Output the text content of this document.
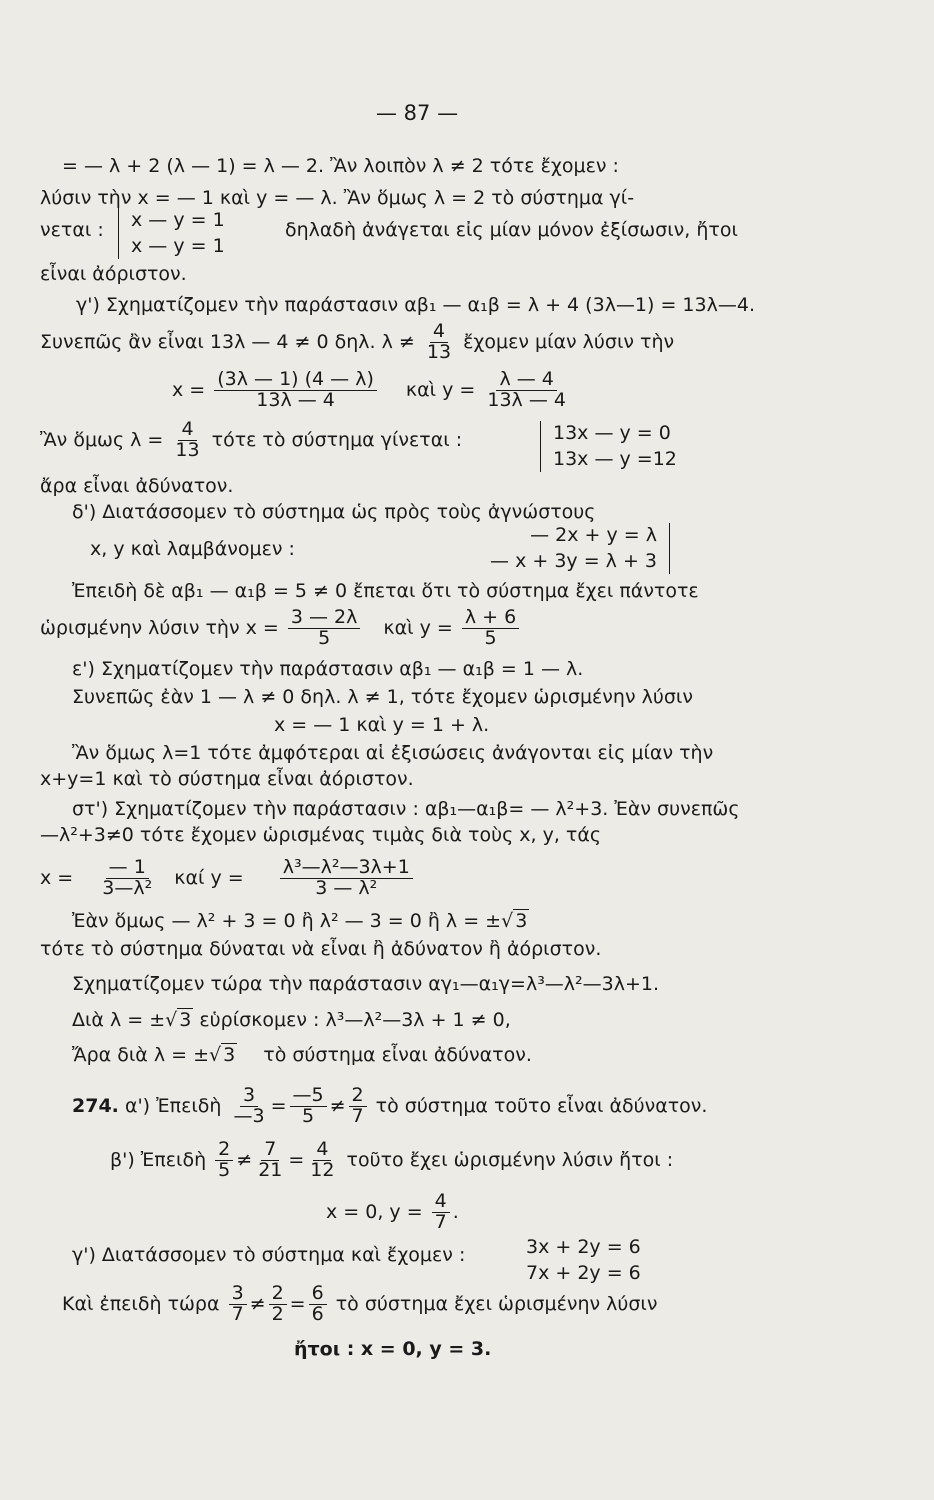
— 87 —
= — λ + 2 (λ — 1) = λ — 2. Ἂν λοιπὸν λ ≠ 2 τότε ἔχομεν :
λύσιν τὴν x = — 1 καὶ y = — λ. Ἂν ὅμως λ = 2 τὸ σύστημα γί-
νεται : x — y = 1
x — y = 1
δηλαδὴ ἀνάγεται εἰς μίαν μόνον ἐξίσωσιν, ἤτοι
εἶναι ἀόριστον.
γ') Σχηματίζομεν τὴν παράστασιν αβ₁ — α₁β = λ + 4 (3λ—1) = 13λ—4.
Συνεπῶς ἂν εἶναι 13λ — 4 ≠ 0 δηλ. $\lambda \ne \frac{4}{13}$ ἔχομεν μίαν λύσιν τὴν
$x = \frac{(3\lambda — 1) (4 — \lambda)}{13\lambda — 4}$ καὶ $y = \frac{\lambda — 4}{13\lambda — 4}$
Ἂν ὅμως $\lambda = \frac{4}{13}$ τότε τὸ σύστημα γίνεται :	13x — y = 0
13x — y =12
ἄρα εἶναι ἀδύνατον.
δ') Διατάσσομεν τὸ σύστημα ὡς πρὸς τοὺς ἀγνώστους
x, y καὶ λαμβάνομεν :
— 2x + y = λ
— x + 3y = λ + 3
Ἐπειδὴ δὲ αβ₁ — α₁β = 5 ≠ 0 ἔπεται ὅτι τὸ σύστημα ἔχει πάντοτε
ὡρισμένην λύσιν τὴν $x = \frac{3 — 2\lambda}{5}$ καὶ $y = \frac{\lambda + 6}{5}$
ε') Σχηματίζομεν τὴν παράστασιν αβ₁ — α₁β = 1 — λ.
Συνεπῶς ἐὰν 1 — λ ≠ 0 δηλ. λ ≠ 1, τότε ἔχομεν ὡρισμένην λύσιν
x = — 1 καὶ y = 1 + λ.
Ἂν ὅμως λ=1 τότε ἀμφότεραι αἱ ἐξισώσεις ἀνάγονται εἰς μίαν τὴν
x+y=1 καὶ τὸ σύστημα εἶναι ἀόριστον.
στ') Σχηματίζομεν τὴν παράστασιν : αβ₁—α₁β= — λ²+3. Ἐὰν συνεπῶς
—λ²+3≠0 τότε ἔχομεν ὡρισμένας τιμὰς διὰ τοὺς x, y, τάς
$x = \frac{— 1}{\text{3—λ²}}$ καί $y = \frac{\text{λ³—λ²—3λ+1}}{\text{3 — λ²}}$
Ἐὰν ὅμως — λ² + 3 = 0 ἢ λ² — 3 = 0 ἢ λ = ±√ 3
τότε τὸ σύστημα δύναται νὰ εἶναι ἢ ἀδύνατον ἢ ἀόριστον.
Σχηματίζομεν τώρα τὴν παράστασιν αγ₁—α₁γ=λ³—λ²—3λ+1.
Διὰ λ = ±√ 3 εὑρίσκομεν : λ³—λ²—3λ + 1 ≠ 0,
Ἄρα διὰ λ = ±√ 3 τὸ σύστημα εἶναι ἀδύνατον.
274. α') Ἐπειδὴ $\frac{3}{—3} = \frac{—5}{5} \ne \frac{2}{7}$ τὸ σύστημα τοῦτο εἶναι ἀδύνατον.
β') Ἐπειδὴ $\frac{2}{5} \ne \frac{7}{21} = \frac{4}{12}$ τοῦτο ἔχει ὡρισμένην λύσιν ἤτοι :
x = 0, $y = \frac{4}{7}$ .
γ') Διατάσσομεν τὸ σύστημα καὶ ἔχομεν :	3x + 2y = 6
7x + 2y = 6
Καὶ ἐπειδὴ τώρα $\frac{3}{7} \ne \frac{2}{2} = \frac{6}{6}$ τὸ σύστημα ἔχει ὡρισμένην λύσιν
ἤτοι : x = 0, y = 3.
